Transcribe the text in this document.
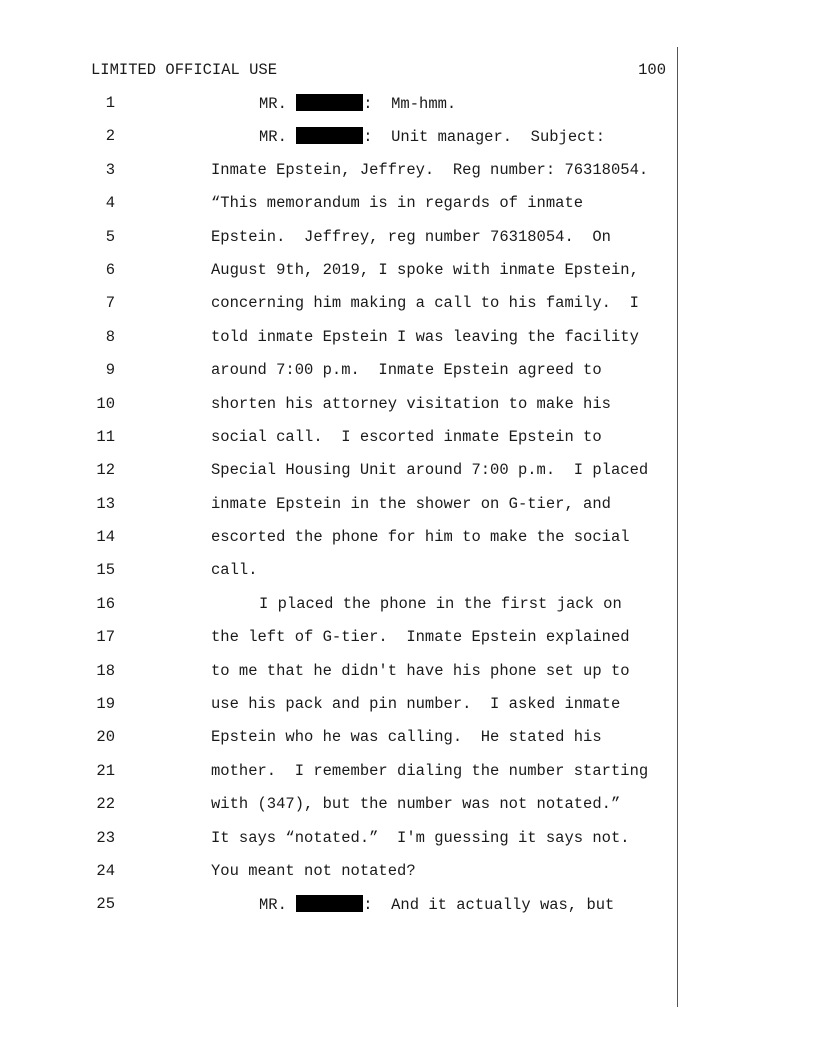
LIMITED OFFICIAL USE	100
1	MR.	:  Mm-hmm.
2	MR.	:  Unit manager.  Subject:
3	Inmate Epstein, Jeffrey.  Reg number: 76318054.
4	“This memorandum is in regards of inmate
5	Epstein.  Jeffrey, reg number 76318054.  On
6	August 9th, 2019, I spoke with inmate Epstein,
7	concerning him making a call to his family.  I
8	told inmate Epstein I was leaving the facility
9	around 7:00 p.m.  Inmate Epstein agreed to
10	shorten his attorney visitation to make his
11	social call.  I escorted inmate Epstein to
12	Special Housing Unit around 7:00 p.m.  I placed
13	inmate Epstein in the shower on G-tier, and
14	escorted the phone for him to make the social
15	call.
16	I placed the phone in the first jack on
17	the left of G-tier.  Inmate Epstein explained
18	to me that he didn't have his phone set up to
19	use his pack and pin number.  I asked inmate
20	Epstein who he was calling.  He stated his
21	mother.  I remember dialing the number starting
22	with (347), but the number was not notated.”
23	It says “notated.”  I'm guessing it says not.
24	You meant not notated?
25	MR.	:  And it actually was, but
